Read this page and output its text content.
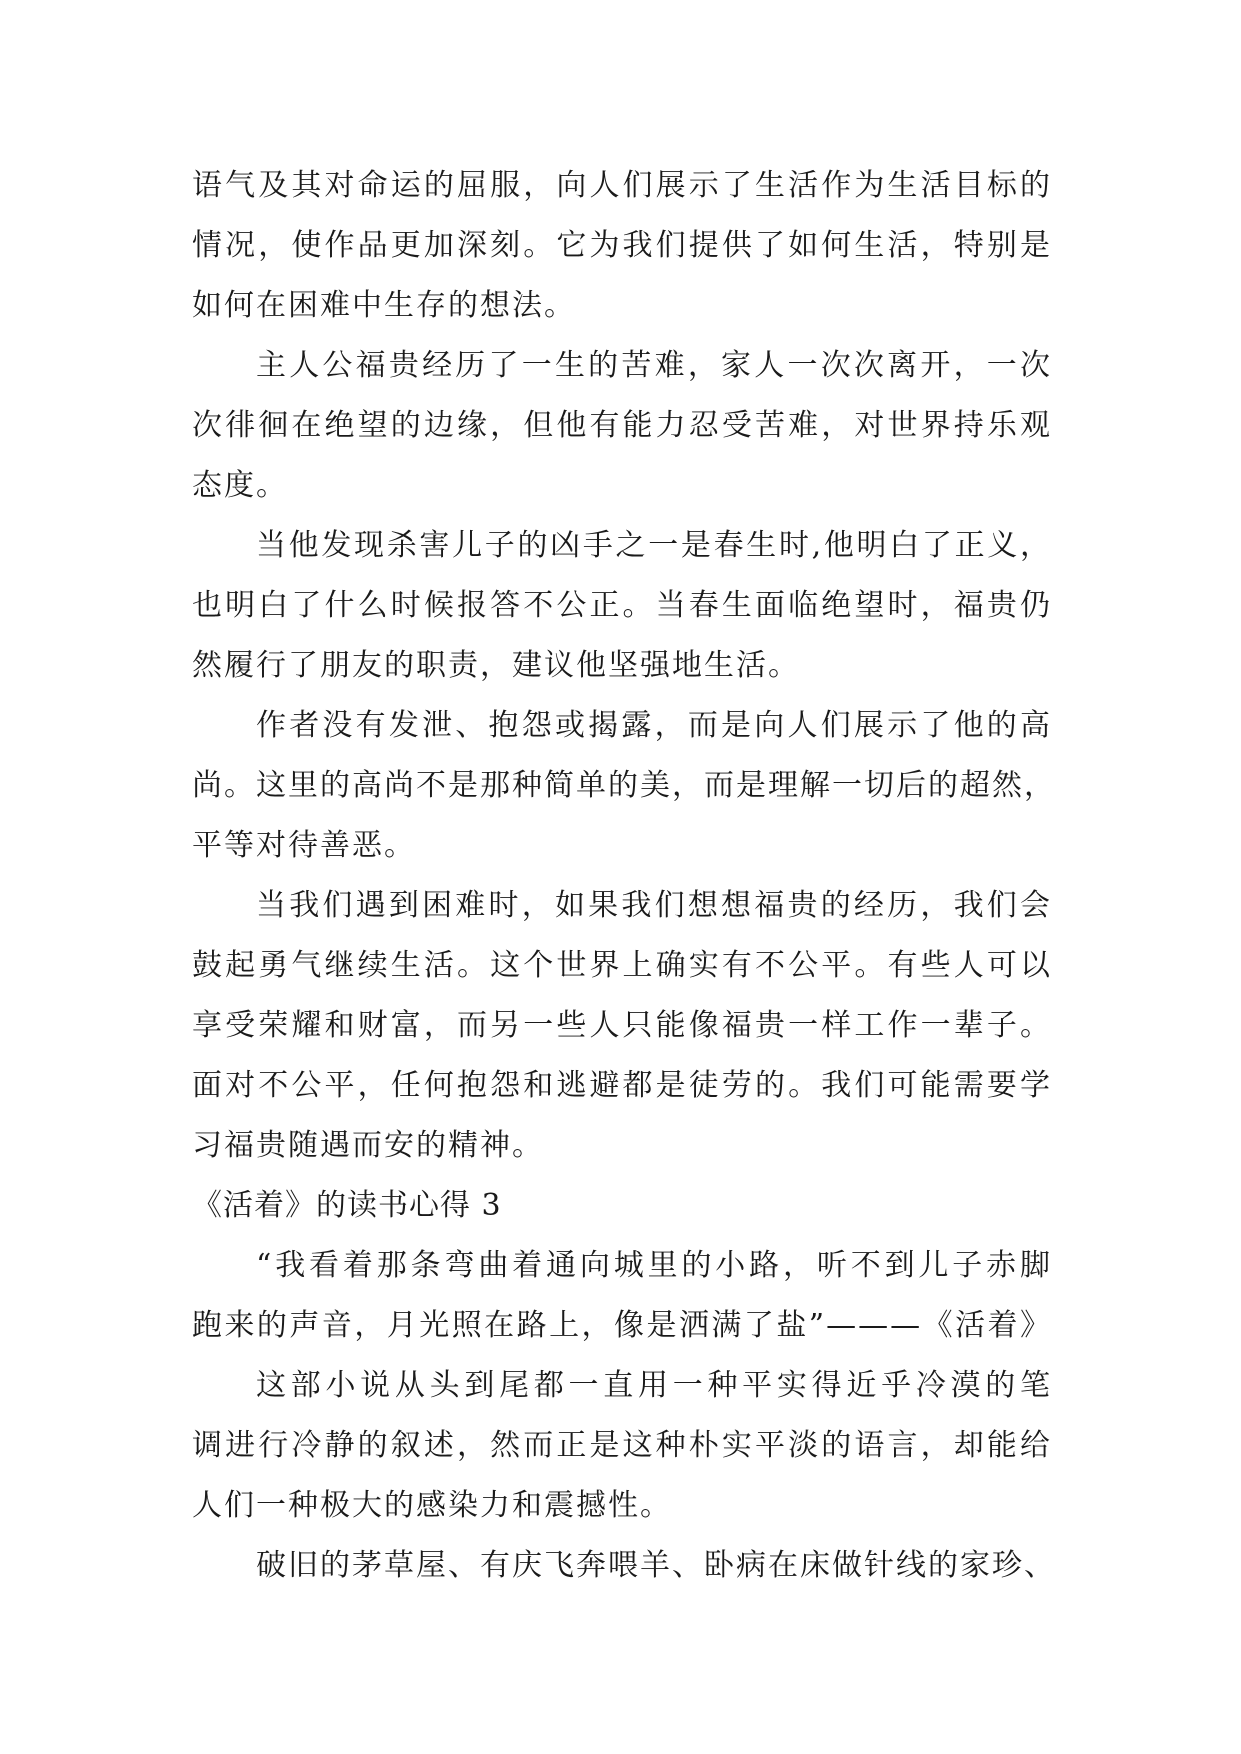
语气及其对命运的屈服，向人们展示了生活作为生活目标的
情况，使作品更加深刻。它为我们提供了如何生活，特别是
如何在困难中生存的想法。
主人公福贵经历了一生的苦难，家人一次次离开，一次
次徘徊在绝望的边缘，但他有能力忍受苦难，对世界持乐观
态度。
当他发现杀害儿子的凶手之一是春生时,他明白了正义，
也明白了什么时候报答不公正。当春生面临绝望时，福贵仍
然履行了朋友的职责，建议他坚强地生活。
作者没有发泄、抱怨或揭露，而是向人们展示了他的高
尚。这里的高尚不是那种简单的美，而是理解一切后的超然，
平等对待善恶。
当我们遇到困难时，如果我们想想福贵的经历，我们会
鼓起勇气继续生活。这个世界上确实有不公平。有些人可以
享受荣耀和财富，而另一些人只能像福贵一样工作一辈子。
面对不公平，任何抱怨和逃避都是徒劳的。我们可能需要学
习福贵随遇而安的精神。
《活着》的读书心得 3
“我看着那条弯曲着通向城里的小路，听不到儿子赤脚
跑来的声音，月光照在路上，像是洒满了盐”———《活着》
这部小说从头到尾都一直用一种平实得近乎冷漠的笔
调进行冷静的叙述，然而正是这种朴实平淡的语言，却能给
人们一种极大的感染力和震撼性。
破旧的茅草屋、有庆飞奔喂羊、卧病在床做针线的家珍、
